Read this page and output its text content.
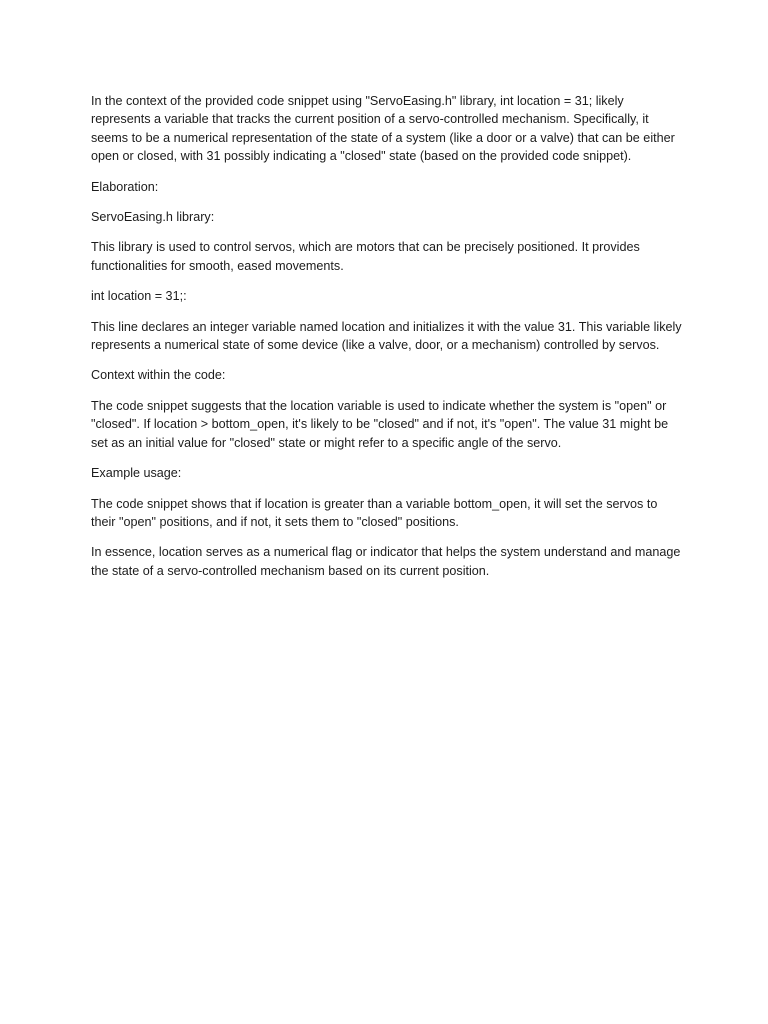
In the context of the provided code snippet using "ServoEasing.h" library, int location = 31; likely represents a variable that tracks the current position of a servo-controlled mechanism. Specifically, it seems to be a numerical representation of the state of a system (like a door or a valve) that can be either open or closed, with 31 possibly indicating a "closed" state (based on the provided code snippet).

Elaboration:

ServoEasing.h library:

This library is used to control servos, which are motors that can be precisely positioned. It provides functionalities for smooth, eased movements.

int location = 31;:

This line declares an integer variable named location and initializes it with the value 31. This variable likely represents a numerical state of some device (like a valve, door, or a mechanism) controlled by servos.

Context within the code:

The code snippet suggests that the location variable is used to indicate whether the system is "open" or "closed". If location > bottom_open, it's likely to be "closed" and if not, it's "open". The value 31 might be set as an initial value for "closed" state or might refer to a specific angle of the servo.

Example usage:

The code snippet shows that if location is greater than a variable bottom_open, it will set the servos to their "open" positions, and if not, it sets them to "closed" positions.

In essence, location serves as a numerical flag or indicator that helps the system understand and manage the state of a servo-controlled mechanism based on its current position.
